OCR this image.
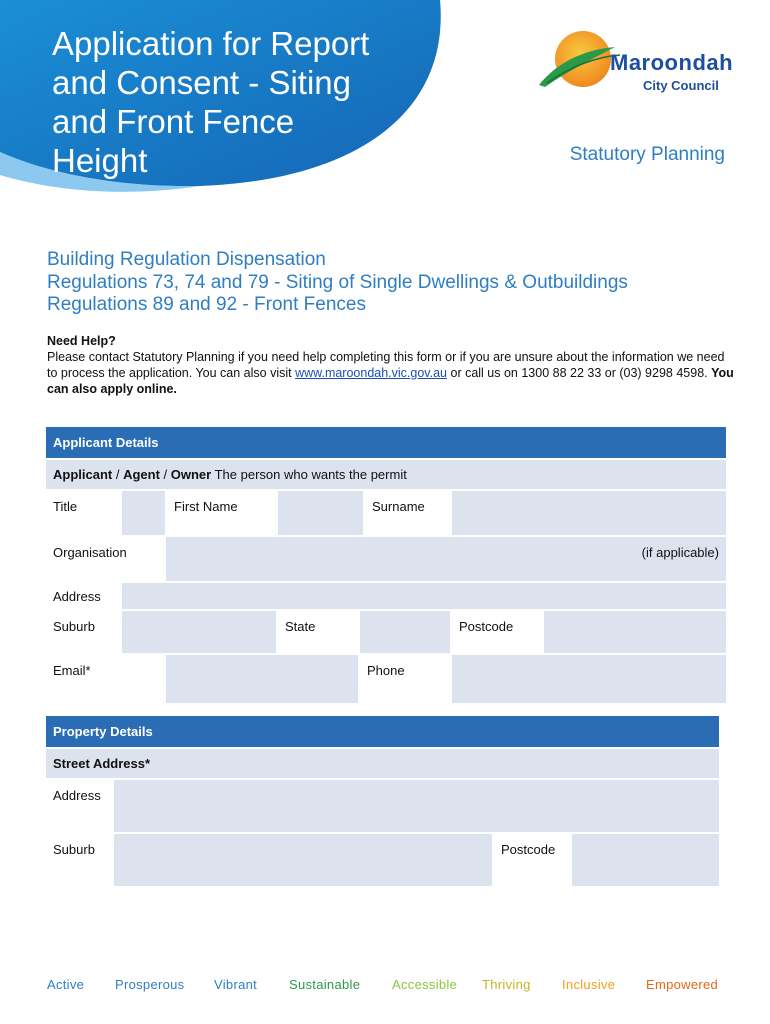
Application for Report
and Consent - Siting
and Front Fence
Height
Maroondah
City Council
Statutory Planning
Building Regulation Dispensation
Regulations 73, 74 and 79 - Siting of Single Dwellings & Outbuildings
Regulations 89 and 92 - Front Fences
Need Help?
Please contact Statutory Planning if you need help completing this form or if you are unsure about the information we need to process the application. You can also visit www.maroondah.vic.gov.au or call us on 1300 88 22 33 or (03) 9298 4598. You can also apply online.
Applicant Details
Applicant / Agent / Owner The person who wants the permit
Title	First Name	Surname
Organisation	(if applicable)
Address
Suburb	State	Postcode
Email*	Phone
Property Details
Street Address*
Address
Suburb	Postcode
Active Prosperous Vibrant Sustainable Accessible Thriving Inclusive Empowered
